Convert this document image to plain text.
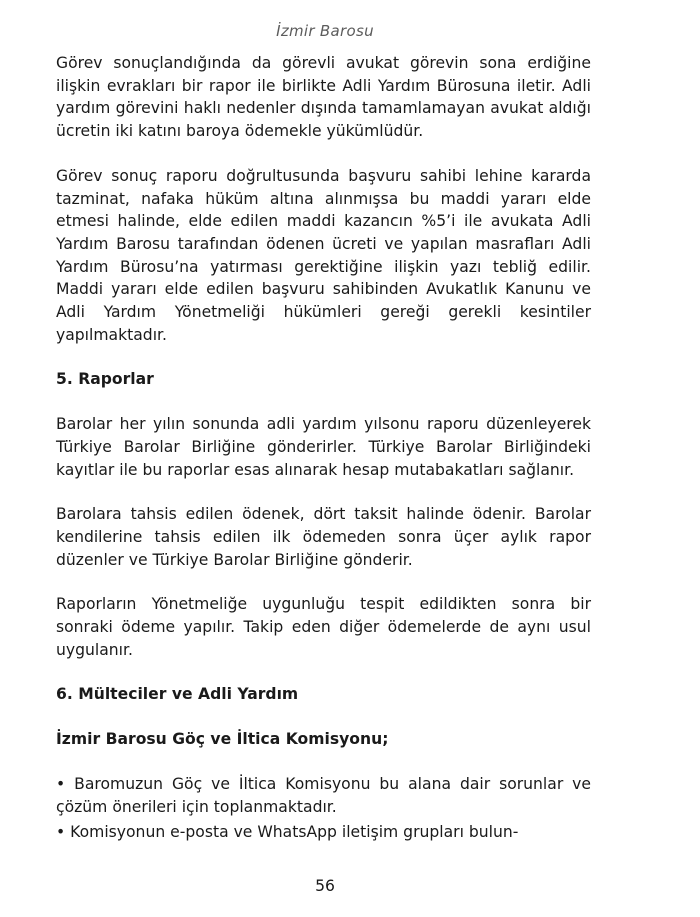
İzmir Barosu

Görev sonuçlandığında da görevli avukat görevin sona erdiğine ilişkin evrakları bir rapor ile birlikte Adli Yardım Bürosuna iletir. Adli yardım görevini haklı nedenler dışında tamamlamayan avukat aldığı ücretin iki katını baroya ödemekle yükümlüdür.

Görev sonuç raporu doğrultusunda başvuru sahibi lehine kararda tazminat, nafaka hüküm altına alınmışsa bu maddi yararı elde etmesi halinde, elde edilen maddi kazancın %5’i ile avukata Adli Yardım Barosu tarafından ödenen ücreti ve yapılan masrafları Adli Yardım Bürosu’na yatırması gerektiğine ilişkin yazı tebliğ edilir. Maddi yararı elde edilen başvuru sahibinden Avukatlık Kanunu ve Adli Yardım Yönetmeliği hükümleri gereği gerekli kesintiler yapılmaktadır.

5. Raporlar

Barolar her yılın sonunda adli yardım yılsonu raporu düzenleyerek Türkiye Barolar Birliğine gönderirler. Türkiye Barolar Birliğindeki kayıtlar ile bu raporlar esas alınarak hesap mutabakatları sağlanır.

Barolara tahsis edilen ödenek, dört taksit halinde ödenir. Barolar kendilerine tahsis edilen ilk ödemeden sonra üçer aylık rapor düzenler ve Türkiye Barolar Birliğine gönderir.

Raporların Yönetmeliğe uygunluğu tespit edildikten sonra bir sonraki ödeme yapılır. Takip eden diğer ödemelerde de aynı usul uygulanır.

6. Mülteciler ve Adli Yardım

İzmir Barosu Göç ve İltica Komisyonu;

• Baromuzun Göç ve İltica Komisyonu bu alana dair sorunlar ve çözüm önerileri için toplanmaktadır.

• Komisyonun e-posta ve WhatsApp iletişim grupları bulun-

56
